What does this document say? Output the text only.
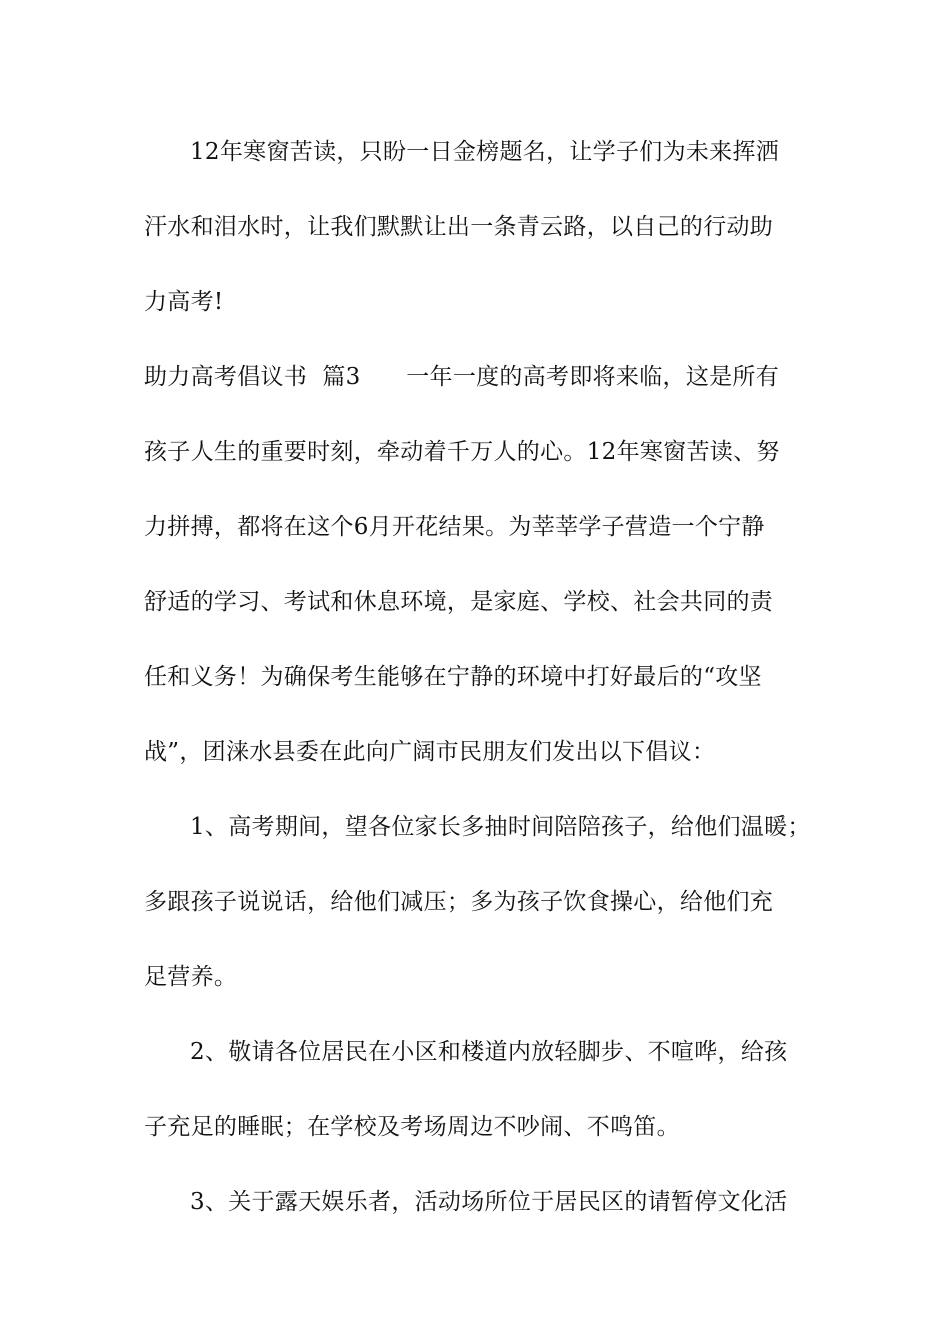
12年寒窗苦读，只盼一日金榜题名，让学子们为未来挥洒
汗水和泪水时，让我们默默让出一条青云路，以自己的行动助
力高考!
助力高考倡议书  篇3      一年一度的高考即将来临，这是所有
孩子人生的重要时刻，牵动着千万人的心。12年寒窗苦读、努
力拼搏，都将在这个6月开花结果。为莘莘学子营造一个宁静
舒适的学习、考试和休息环境，是家庭、学校、社会共同的责
任和义务！为确保考生能够在宁静的环境中打好最后的“攻坚
战”，团涞水县委在此向广阔市民朋友们发出以下倡议：
1、高考期间，望各位家长多抽时间陪陪孩子，给他们温暖；
多跟孩子说说话，给他们减压；多为孩子饮食操心，给他们充
足营养。
2、敬请各位居民在小区和楼道内放轻脚步、不喧哗，给孩
子充足的睡眠；在学校及考场周边不吵闹、不鸣笛。
3、关于露天娱乐者，活动场所位于居民区的请暂停文化活
